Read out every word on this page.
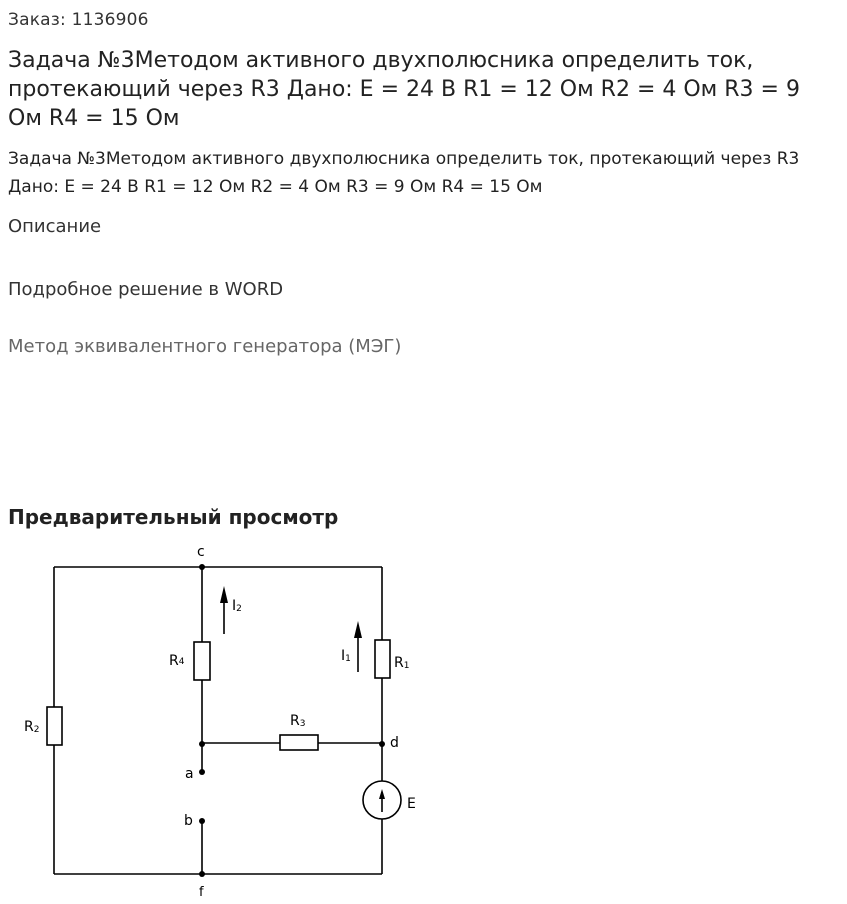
Заказ: 1136906
Задача №3Методом активного двухполюсника определить ток, протекающий через R3 Дано: Е = 24 В R1 = 12 Ом R2 = 4 Ом R3 = 9 Ом R4 = 15 Ом
Задача №3Методом активного двухполюсника определить ток, протекающий через R3 Дано: Е = 24 В R1 = 12 Ом R2 = 4 Ом R3 = 9 Ом R4 = 15 Ом
Описание
Подробное решение в WORD
Метод эквивалентного генератора (МЭГ)
Предварительный просмотр
c
a
b
d
f
E
R2
R4	R1
R3
I2
I1
